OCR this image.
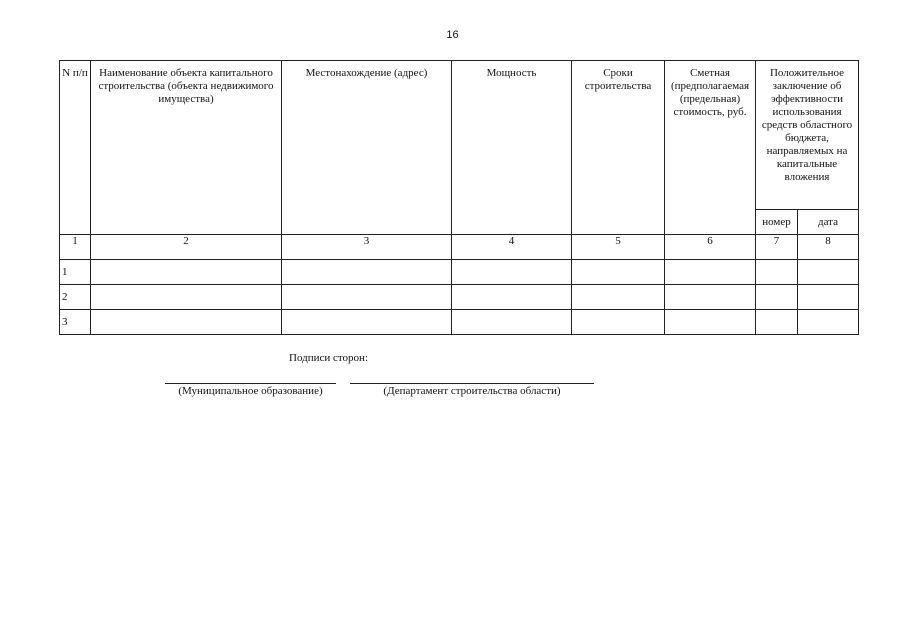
16
N п/п	Наименование объекта капитального строительства (объекта недвижимого имущества)	Местонахождение (адрес)	Мощность	Сроки строительства	Сметная (предполагаемая (предельная) стоимость, руб.	Положительное заключение об эффективности использования средств областного бюджета, направляемых на капитальные вложения	
						номер	дата
1	2	3	4	5	6	7	8
1							
2							
3							
Подписи сторон:
(Муниципальное образование)	(Департамент строительства области)
